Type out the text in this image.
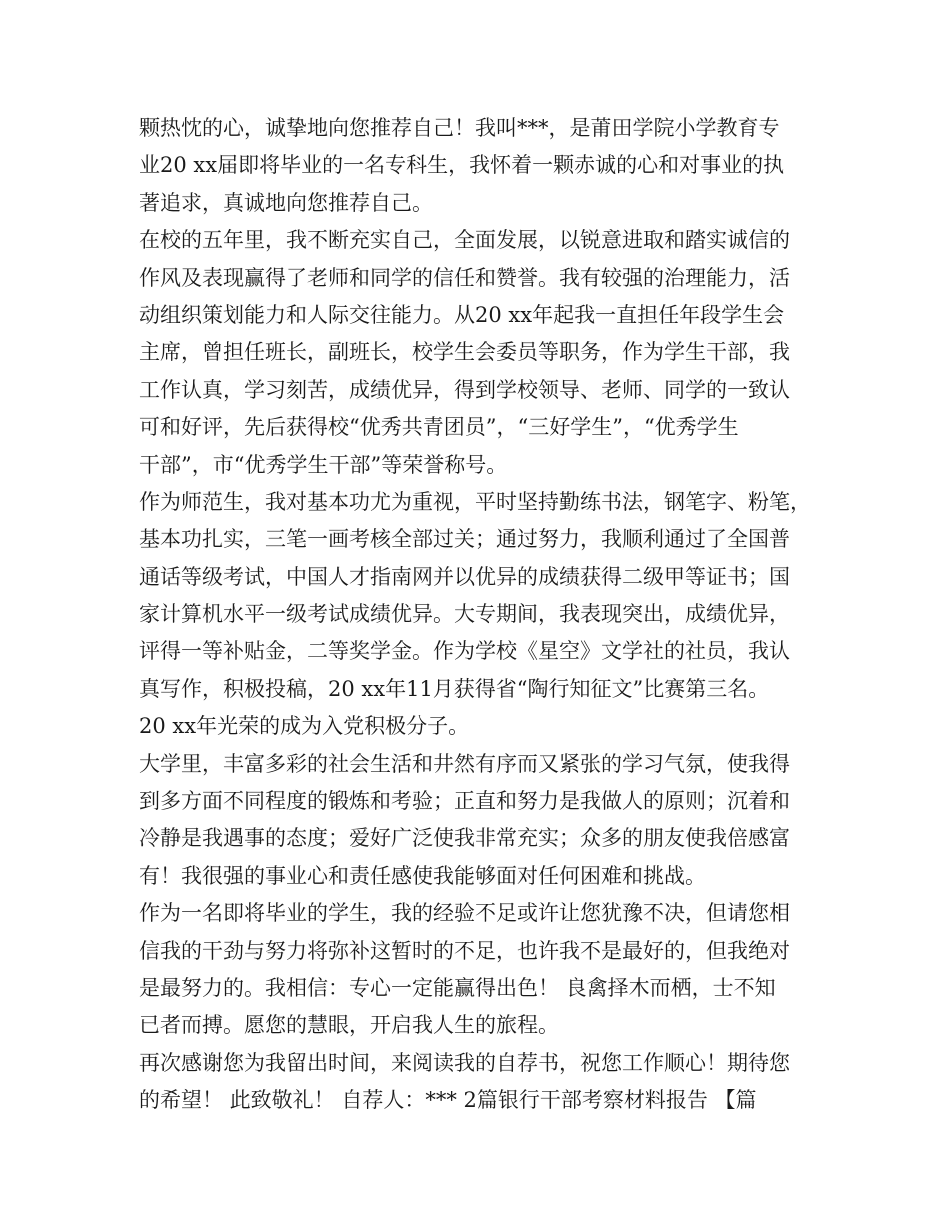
颗热忱的心，诚挚地向您推荐自己！我叫***，是莆田学院小学教育专
业20 xx届即将毕业的一名专科生，我怀着一颗赤诚的心和对事业的执
著追求，真诚地向您推荐自己。
在校的五年里，我不断充实自己，全面发展，以锐意进取和踏实诚信的
作风及表现赢得了老师和同学的信任和赞誉。我有较强的治理能力，活
动组织策划能力和人际交往能力。从20 xx年起我一直担任年段学生会
主席，曾担任班长，副班长，校学生会委员等职务，作为学生干部，我
工作认真，学习刻苦，成绩优异，得到学校领导、老师、同学的一致认
可和好评，先后获得校“优秀共青团员”，“三好学生”，“优秀学生
干部”，市“优秀学生干部”等荣誉称号。
作为师范生，我对基本功尤为重视，平时坚持勤练书法，钢笔字、粉笔，
基本功扎实，三笔一画考核全部过关；通过努力，我顺利通过了全国普
通话等级考试，中国人才指南网并以优异的成绩获得二级甲等证书；国
家计算机水平一级考试成绩优异。大专期间，我表现突出，成绩优异，
评得一等补贴金，二等奖学金。作为学校《星空》文学社的社员，我认
真写作，积极投稿，20 xx年11月获得省“陶行知征文”比赛第三名。
20 xx年光荣的成为入党积极分子。
大学里，丰富多彩的社会生活和井然有序而又紧张的学习气氛，使我得
到多方面不同程度的锻炼和考验；正直和努力是我做人的原则；沉着和
冷静是我遇事的态度；爱好广泛使我非常充实；众多的朋友使我倍感富
有！我很强的事业心和责任感使我能够面对任何困难和挑战。
作为一名即将毕业的学生，我的经验不足或许让您犹豫不决，但请您相
信我的干劲与努力将弥补这暂时的不足，也许我不是最好的，但我绝对
是最努力的。我相信：专心一定能赢得出色！ 良禽择木而栖，士不知
已者而搏。愿您的慧眼，开启我人生的旅程。
再次感谢您为我留出时间，来阅读我的自荐书，祝您工作顺心！期待您
的希望！ 此致敬礼！ 自荐人：*** 2篇银行干部考察材料报告 【篇
